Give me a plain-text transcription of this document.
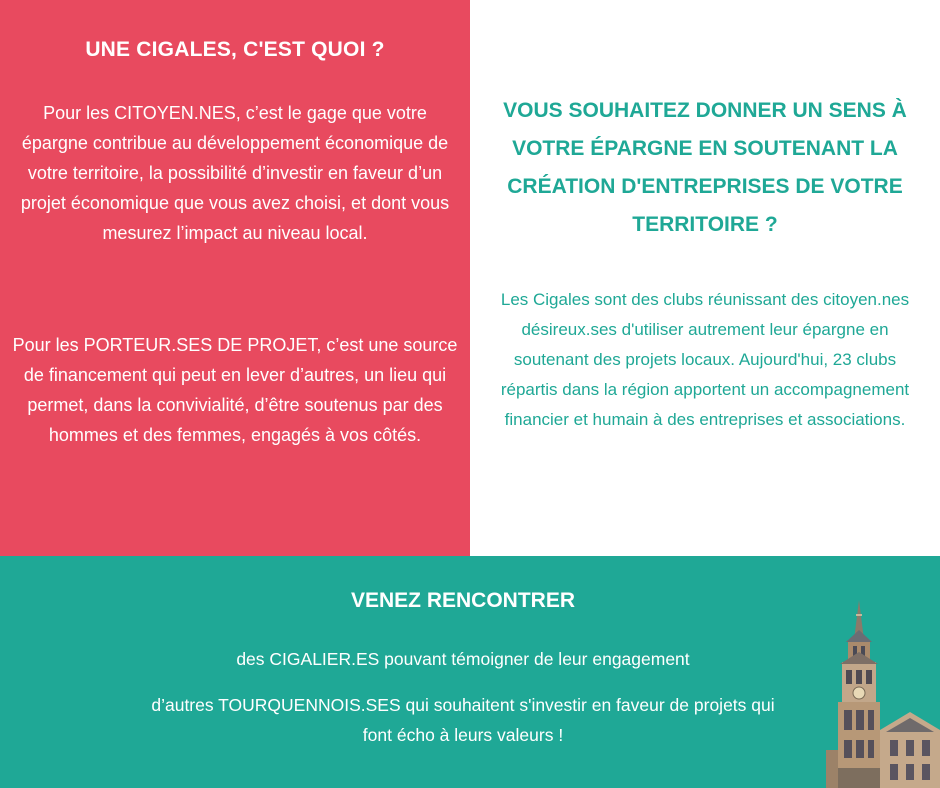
UNE CIGALES, C'EST QUOI ?
Pour les CITOYEN.NES, c’est le gage que votre épargne contribue au développement économique de votre territoire, la possibilité d’investir en faveur d’un projet économique que vous avez choisi, et dont vous mesurez l’impact au niveau local.
Pour les PORTEUR.SES DE PROJET, c’est une source de financement qui peut en lever d’autres, un lieu qui permet, dans la convivialité, d’être soutenus par des hommes et des femmes, engagés à vos côtés.
VOUS SOUHAITEZ DONNER UN SENS À VOTRE ÉPARGNE EN SOUTENANT LA CRÉATION D'ENTREPRISES DE VOTRE TERRITOIRE ?
Les Cigales sont des clubs réunissant des citoyen.nes désireux.ses d'utiliser autrement leur épargne en soutenant des projets locaux. Aujourd'hui, 23 clubs répartis dans la région apportent un accompagnement financier et humain à des entreprises et associations.
VENEZ RENCONTRER
des CIGALIER.ES pouvant témoigner de leur engagement
d’autres TOURQUENNOIS.SES qui souhaitent s'investir en faveur de projets qui font écho à leurs valeurs !
